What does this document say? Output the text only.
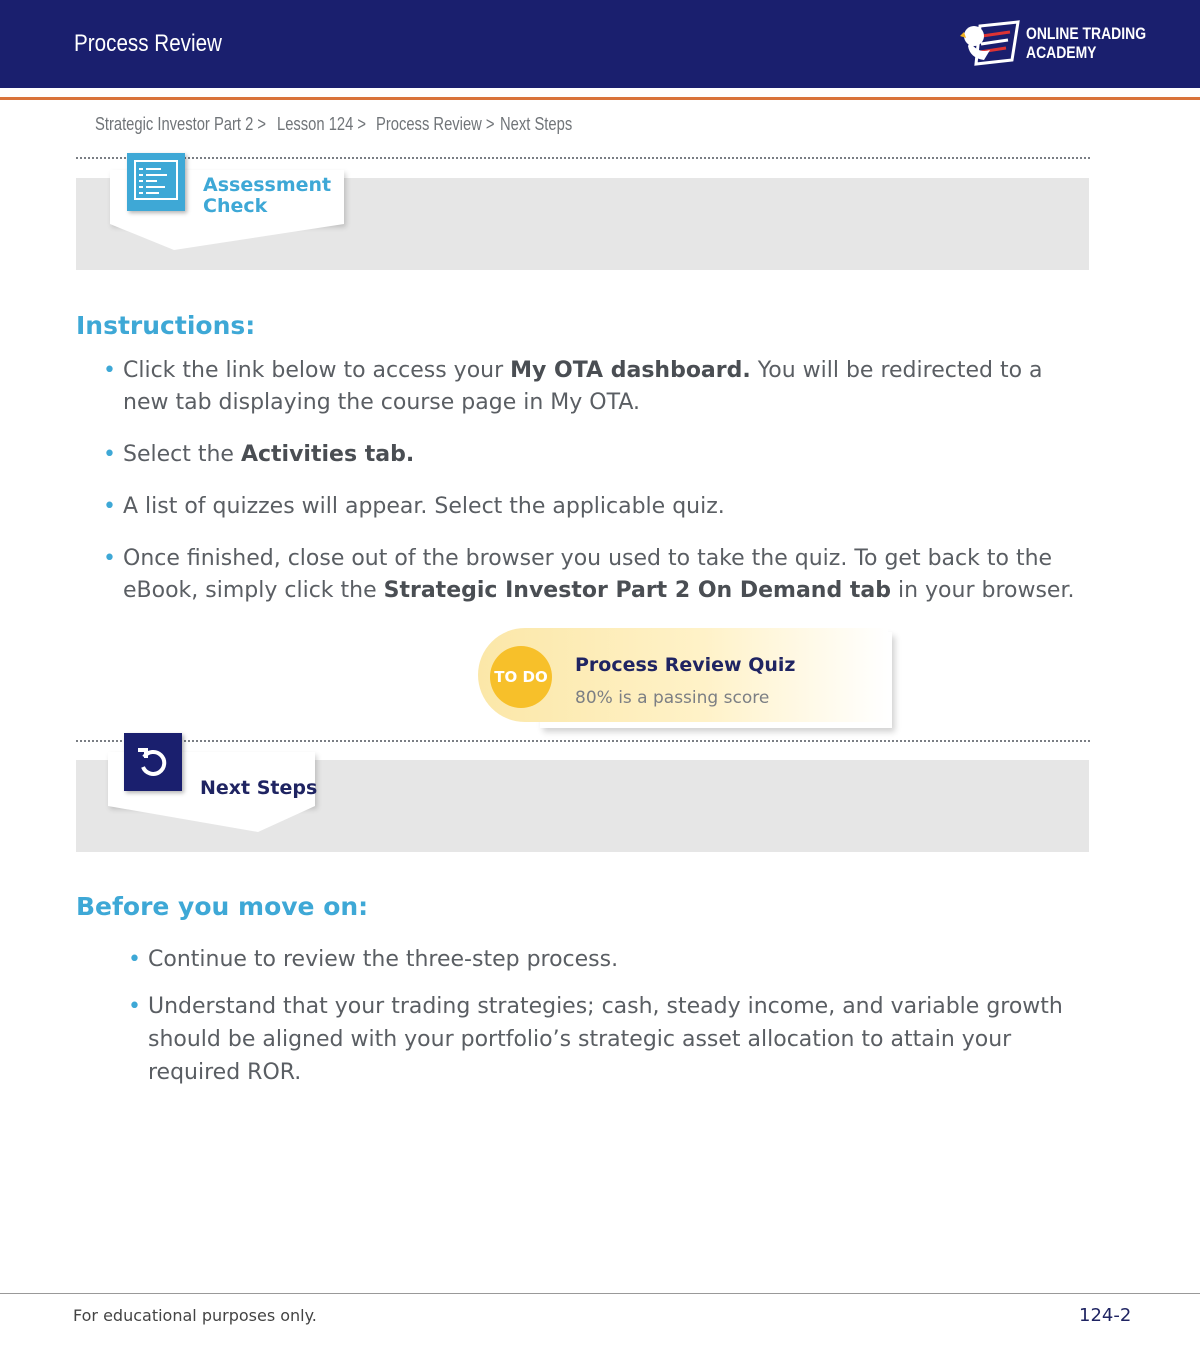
Process Review	ONLINE TRADING
ACADEMY
Strategic Investor Part 2 > Lesson 124 > Process Review > Next Steps
Assessment
Check
Instructions:
• Click the link below to access your My OTA dashboard. You will be redirected to a new tab displaying the course page in My OTA.
• Select the Activities tab.
• A list of quizzes will appear. Select the applicable quiz.
• Once finished, close out of the browser you used to take the quiz. To get back to the eBook, simply click the Strategic Investor Part 2 On Demand tab in your browser.
TO DO
Process Review Quiz
80% is a passing score
Next Steps
Before you move on:
• Continue to review the three-step process.
• Understand that your trading strategies; cash, steady income, and variable growth should be aligned with your portfolio’s strategic asset allocation to attain your required ROR.
For educational purposes only.	124-2
